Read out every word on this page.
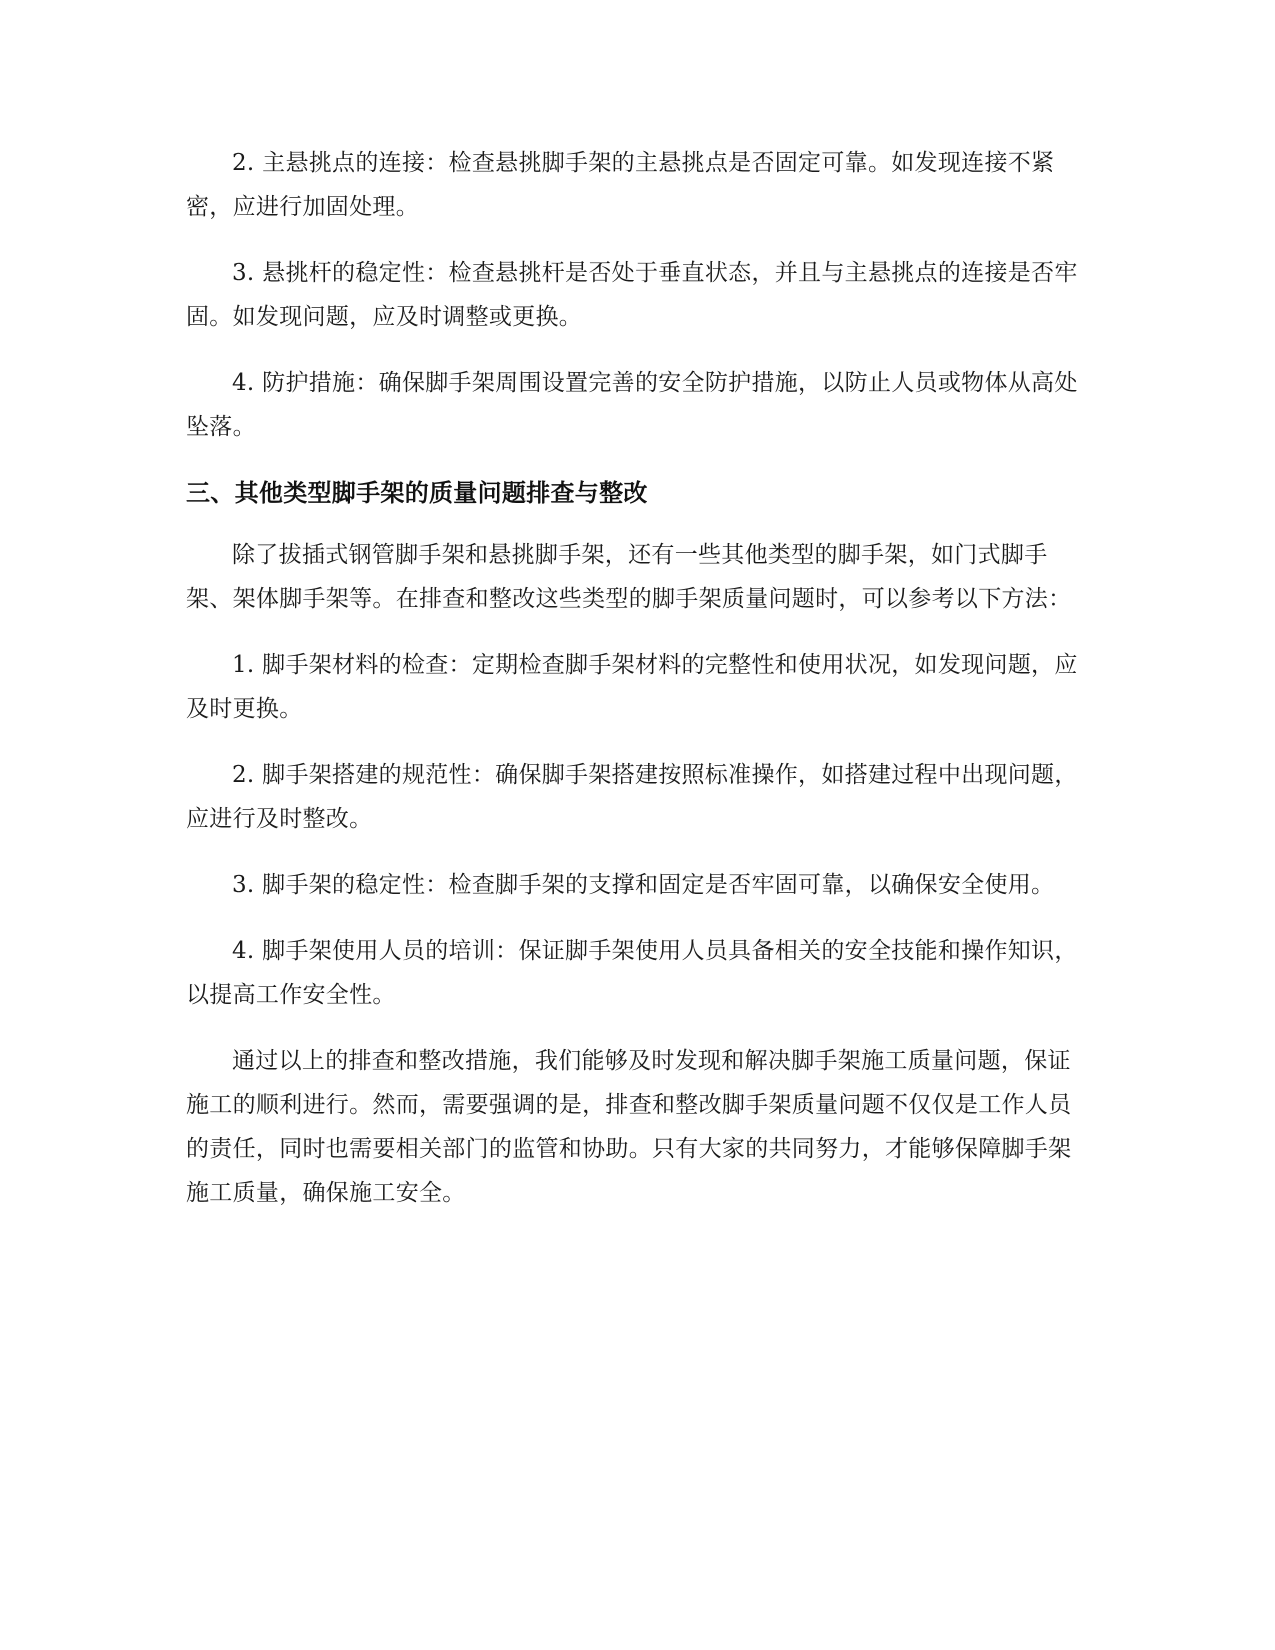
2. 主悬挑点的连接：检查悬挑脚手架的主悬挑点是否固定可靠。如发现连接不紧密，应进行加固处理。

3. 悬挑杆的稳定性：检查悬挑杆是否处于垂直状态，并且与主悬挑点的连接是否牢固。如发现问题，应及时调整或更换。

4. 防护措施：确保脚手架周围设置完善的安全防护措施，以防止人员或物体从高处坠落。

三、其他类型脚手架的质量问题排查与整改

除了拔插式钢管脚手架和悬挑脚手架，还有一些其他类型的脚手架，如门式脚手架、架体脚手架等。在排查和整改这些类型的脚手架质量问题时，可以参考以下方法：

1. 脚手架材料的检查：定期检查脚手架材料的完整性和使用状况，如发现问题，应及时更换。

2. 脚手架搭建的规范性：确保脚手架搭建按照标准操作，如搭建过程中出现问题，应进行及时整改。

3. 脚手架的稳定性：检查脚手架的支撑和固定是否牢固可靠，以确保安全使用。

4. 脚手架使用人员的培训：保证脚手架使用人员具备相关的安全技能和操作知识，以提高工作安全性。

通过以上的排查和整改措施，我们能够及时发现和解决脚手架施工质量问题，保证施工的顺利进行。然而，需要强调的是，排查和整改脚手架质量问题不仅仅是工作人员的责任，同时也需要相关部门的监管和协助。只有大家的共同努力，才能够保障脚手架施工质量，确保施工安全。
